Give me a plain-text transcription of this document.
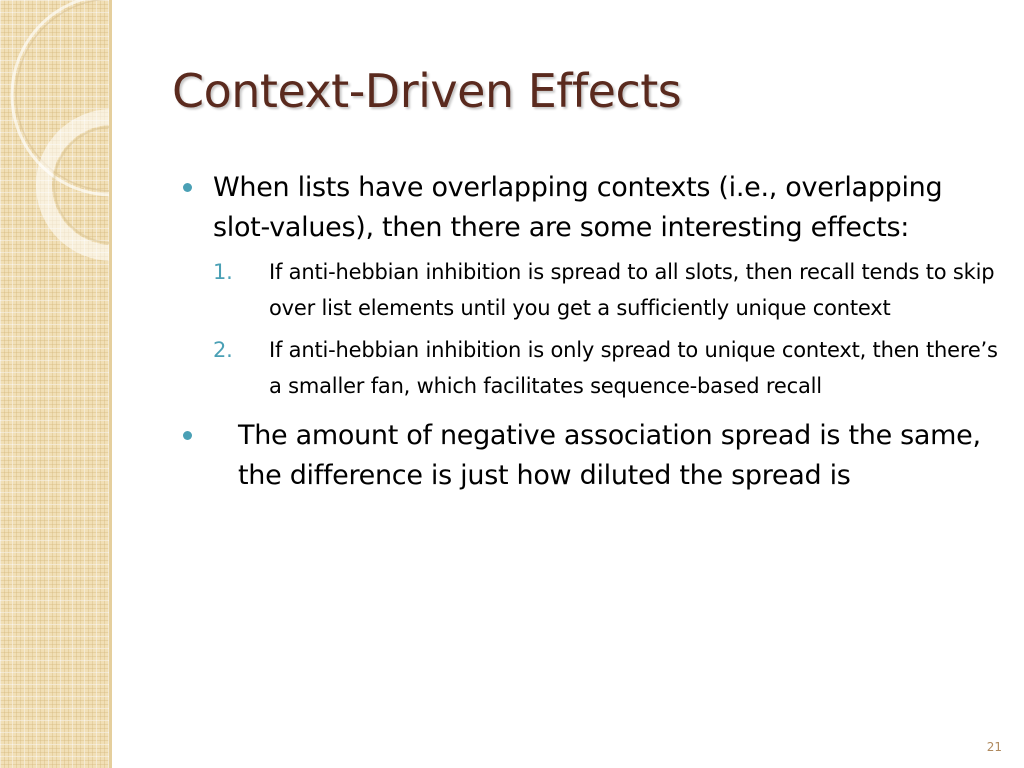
Context-Driven Effects

When lists have overlapping contexts (i.e., overlapping slot-values), then there are some interesting effects:

1. If anti-hebbian inhibition is spread to all slots, then recall tends to skip over list elements until you get a sufficiently unique context
2. If anti-hebbian inhibition is only spread to unique context, then there’s a smaller fan, which facilitates sequence-based recall

The amount of negative association spread is the same, the difference is just how diluted the spread is

21
